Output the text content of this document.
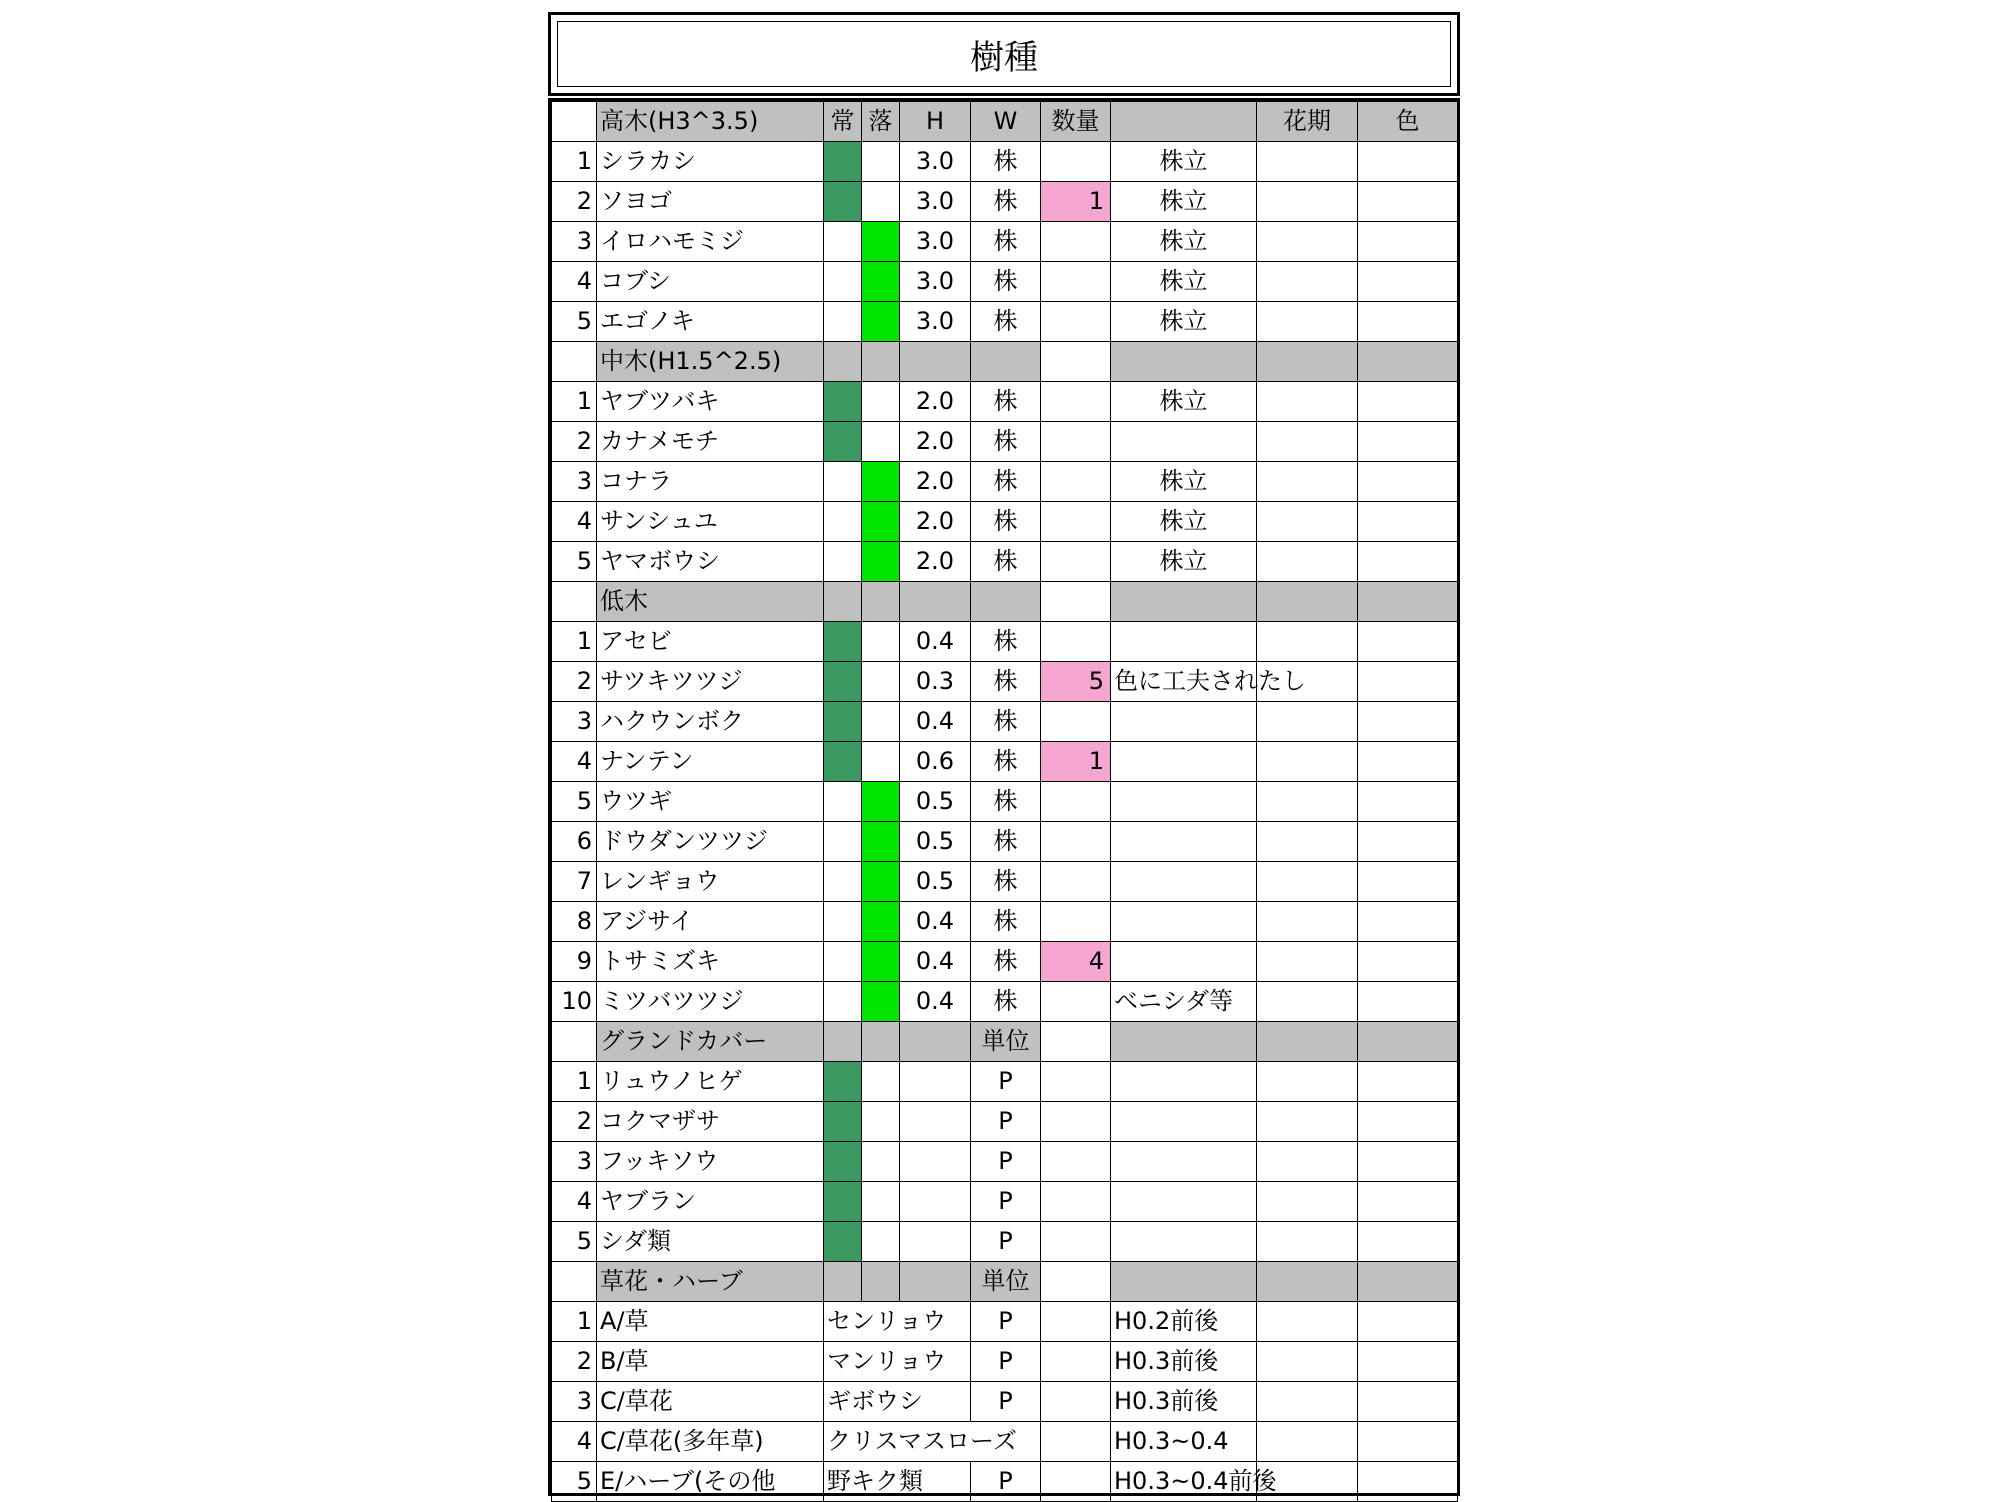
樹種
	高木(H3^3.5)	常	落	H	W	数量		花期	色
1	シラカシ			3.0	株		株立		
2	ソヨゴ			3.0	株	1	株立		
3	イロハモミジ			3.0	株		株立		
4	コブシ			3.0	株		株立		
5	エゴノキ			3.0	株		株立		
	中木(H1.5^2.5)								
1	ヤブツバキ			2.0	株		株立		
2	カナメモチ			2.0	株				
3	コナラ			2.0	株		株立		
4	サンシュユ			2.0	株		株立		
5	ヤマボウシ			2.0	株		株立		
	低木								
1	アセビ			0.4	株				
2	サツキツツジ			0.3	株	5	色に工夫されたし		
3	ハクウンボク			0.4	株				
4	ナンテン			0.6	株	1			
5	ウツギ			0.5	株				
6	ドウダンツツジ			0.5	株				
7	レンギョウ			0.5	株				
8	アジサイ			0.4	株				
9	トサミズキ			0.4	株	4			
10	ミツバツツジ			0.4	株		ベニシダ等		
	グランドカバー				単位				
1	リュウノヒゲ				P				
2	コクマザサ				P				
3	フッキソウ				P				
4	ヤブラン				P				
5	シダ類				P				
	草花・ハーブ				単位				
1	A/草	センリョウ			P		H0.2前後		
2	B/草	マンリョウ			P		H0.3前後		
3	C/草花	ギボウシ			P		H0.3前後		
4	C/草花(多年草)	クリスマスローズ					H0.3~0.4		
5	E/ハーブ(その他	野キク類			P		H0.3~0.4前後		
